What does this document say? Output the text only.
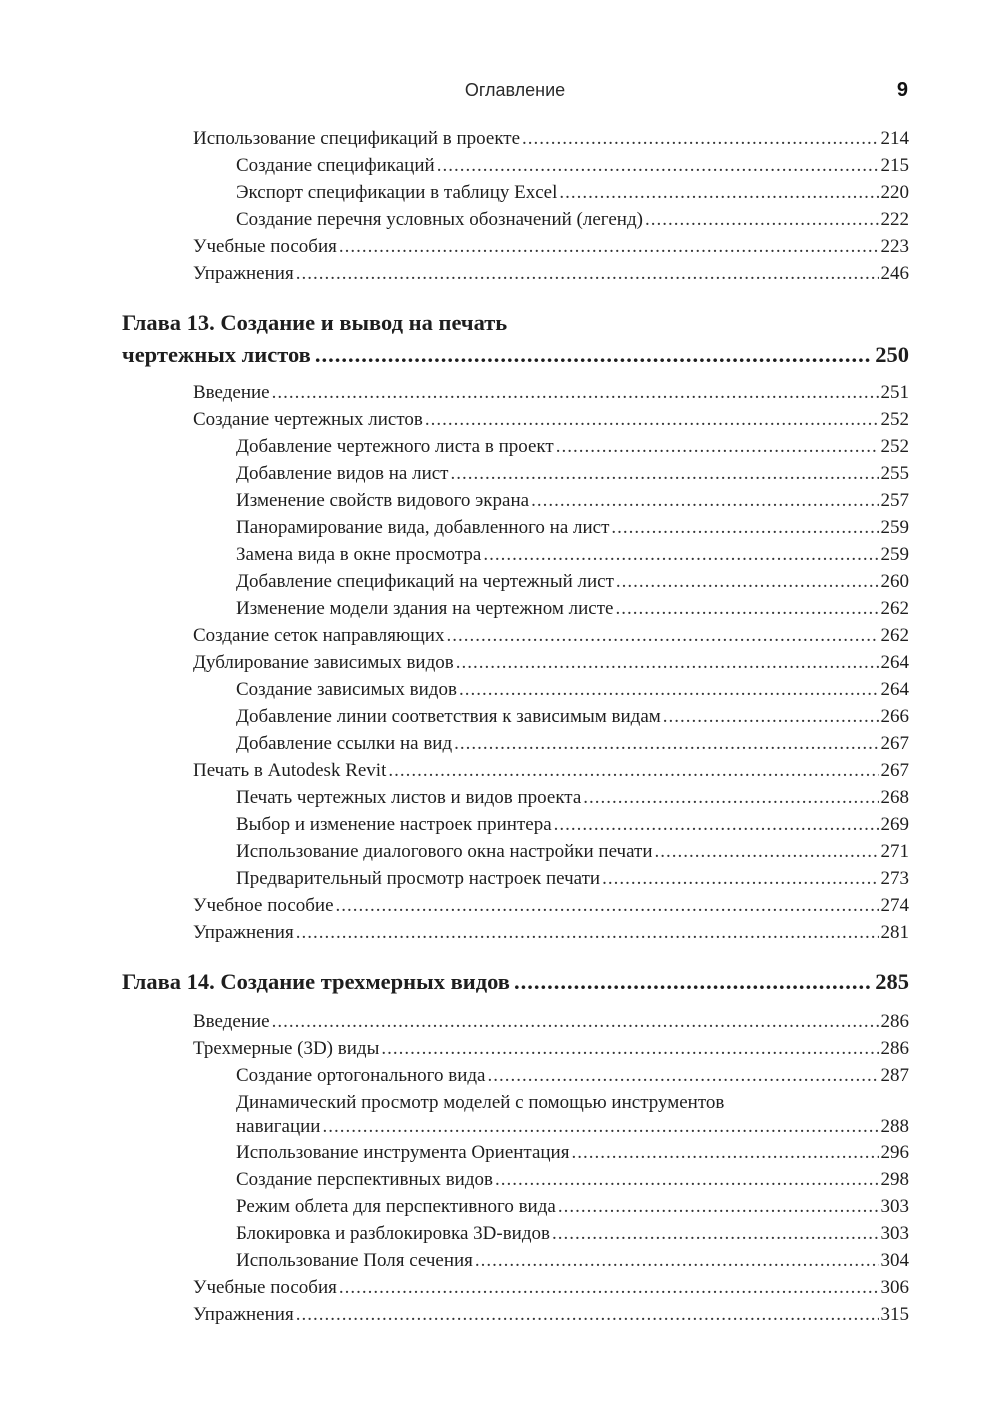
Оглавление	9
Использование спецификаций в проекте .....	214
Создание спецификаций .....	215
Экспорт спецификации в таблицу Excel .....	220
Создание перечня условных обозначений (легенд) .....	222
Учебные пособия .....	223
Упражнения .....	246
Глава 13. Создание и вывод на печать
чертежных листов .....	250
Введение .....	251
Создание чертежных листов .....	252
Добавление чертежного листа в проект .....	252
Добавление видов на лист .....	255
Изменение свойств видового экрана .....	257
Панорамирование вида, добавленного на лист .....	259
Замена вида в окне просмотра .....	259
Добавление спецификаций на чертежный лист .....	260
Изменение модели здания на чертежном листе .....	262
Создание сеток направляющих .....	262
Дублирование зависимых видов .....	264
Создание зависимых видов .....	264
Добавление линии соответствия к зависимым видам .....	266
Добавление ссылки на вид .....	267
Печать в Autodesk Revit .....	267
Печать чертежных листов и видов проекта .....	268
Выбор и изменение настроек принтера .....	269
Использование диалогового окна настройки печати .....	271
Предварительный просмотр настроек печати .....	273
Учебное пособие .....	274
Упражнения .....	281
Глава 14. Создание трехмерных видов .....	285
Введение .....	286
Трехмерные (3D) виды .....	286
Создание ортогонального вида .....	287
Динамический просмотр моделей с помощью инструментов
навигации .....	288
Использование инструмента Ориентация .....	296
Создание перспективных видов .....	298
Режим облета для перспективного вида .....	303
Блокировка и разблокировка 3D-видов .....	303
Использование Поля сечения .....	304
Учебные пособия .....	306
Упражнения .....	315
